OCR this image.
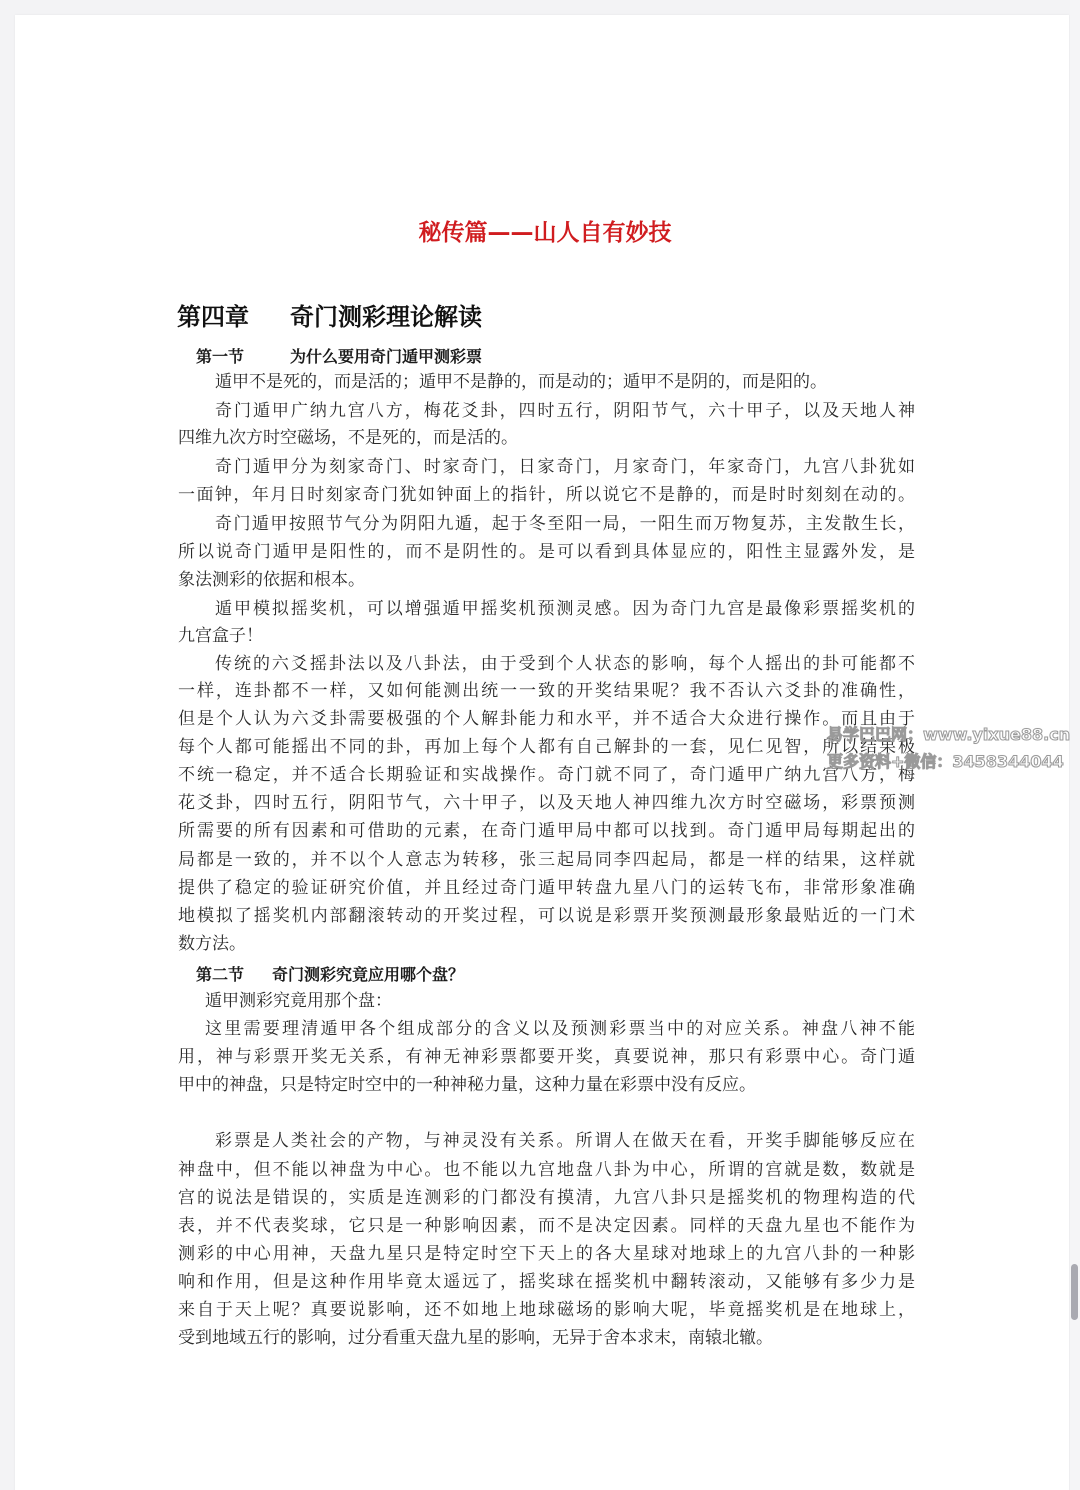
秘传篇——山人自有妙技
第四章 奇门测彩理论解读
第一节	为什么要用奇门遁甲测彩票
遁甲不是死的，而是活的；遁甲不是静的，而是动的；遁甲不是阴的，而是阳的。
奇门遁甲广纳九宫八方，梅花爻卦，四时五行，阴阳节气，六十甲子，以及天地人神
四维九次方时空磁场，不是死的，而是活的。
奇门遁甲分为刻家奇门、时家奇门，日家奇门，月家奇门，年家奇门，九宫八卦犹如
一面钟，年月日时刻家奇门犹如钟面上的指针，所以说它不是静的，而是时时刻刻在动的。
奇门遁甲按照节气分为阴阳九遁，起于冬至阳一局，一阳生而万物复苏，主发散生长，
所以说奇门遁甲是阳性的，而不是阴性的。是可以看到具体显应的，阳性主显露外发，是
象法测彩的依据和根本。
遁甲模拟摇奖机，可以增强遁甲摇奖机预测灵感。因为奇门九宫是最像彩票摇奖机的
九宫盒子！
传统的六爻摇卦法以及八卦法，由于受到个人状态的影响，每个人摇出的卦可能都不
一样，连卦都不一样，又如何能测出统一一致的开奖结果呢？我不否认六爻卦的准确性，
但是个人认为六爻卦需要极强的个人解卦能力和水平，并不适合大众进行操作。而且由于
每个人都可能摇出不同的卦，再加上每个人都有自己解卦的一套，见仁见智，所以结果极
不统一稳定，并不适合长期验证和实战操作。奇门就不同了，奇门遁甲广纳九宫八方，梅
花爻卦，四时五行，阴阳节气，六十甲子，以及天地人神四维九次方时空磁场，彩票预测
所需要的所有因素和可借助的元素，在奇门遁甲局中都可以找到。奇门遁甲局每期起出的
局都是一致的，并不以个人意志为转移，张三起局同李四起局，都是一样的结果，这样就
提供了稳定的验证研究价值，并且经过奇门遁甲转盘九星八门的运转飞布，非常形象准确
地模拟了摇奖机内部翻滚转动的开奖过程，可以说是彩票开奖预测最形象最贴近的一门术
数方法。
第二节 奇门测彩究竟应用哪个盘？
遁甲测彩究竟用那个盘：
这里需要理清遁甲各个组成部分的含义以及预测彩票当中的对应关系。神盘八神不能
用，神与彩票开奖无关系，有神无神彩票都要开奖，真要说神，那只有彩票中心。奇门遁
甲中的神盘，只是特定时空中的一种神秘力量，这种力量在彩票中没有反应。
彩票是人类社会的产物，与神灵没有关系。所谓人在做天在看，开奖手脚能够反应在
神盘中，但不能以神盘为中心。也不能以九宫地盘八卦为中心，所谓的宫就是数，数就是
宫的说法是错误的，实质是连测彩的门都没有摸清，九宫八卦只是摇奖机的物理构造的代
表，并不代表奖球，它只是一种影响因素，而不是决定因素。同样的天盘九星也不能作为
测彩的中心用神，天盘九星只是特定时空下天上的各大星球对地球上的九宫八卦的一种影
响和作用，但是这种作用毕竟太遥远了，摇奖球在摇奖机中翻转滚动，又能够有多少力是
来自于天上呢？真要说影响，还不如地上地球磁场的影响大呢，毕竟摇奖机是在地球上，
受到地域五行的影响，过分看重天盘九星的影响，无异于舍本求末，南辕北辙。
易学巴巴网：www.yixue88.cn
更多资料+微信：3458344044
